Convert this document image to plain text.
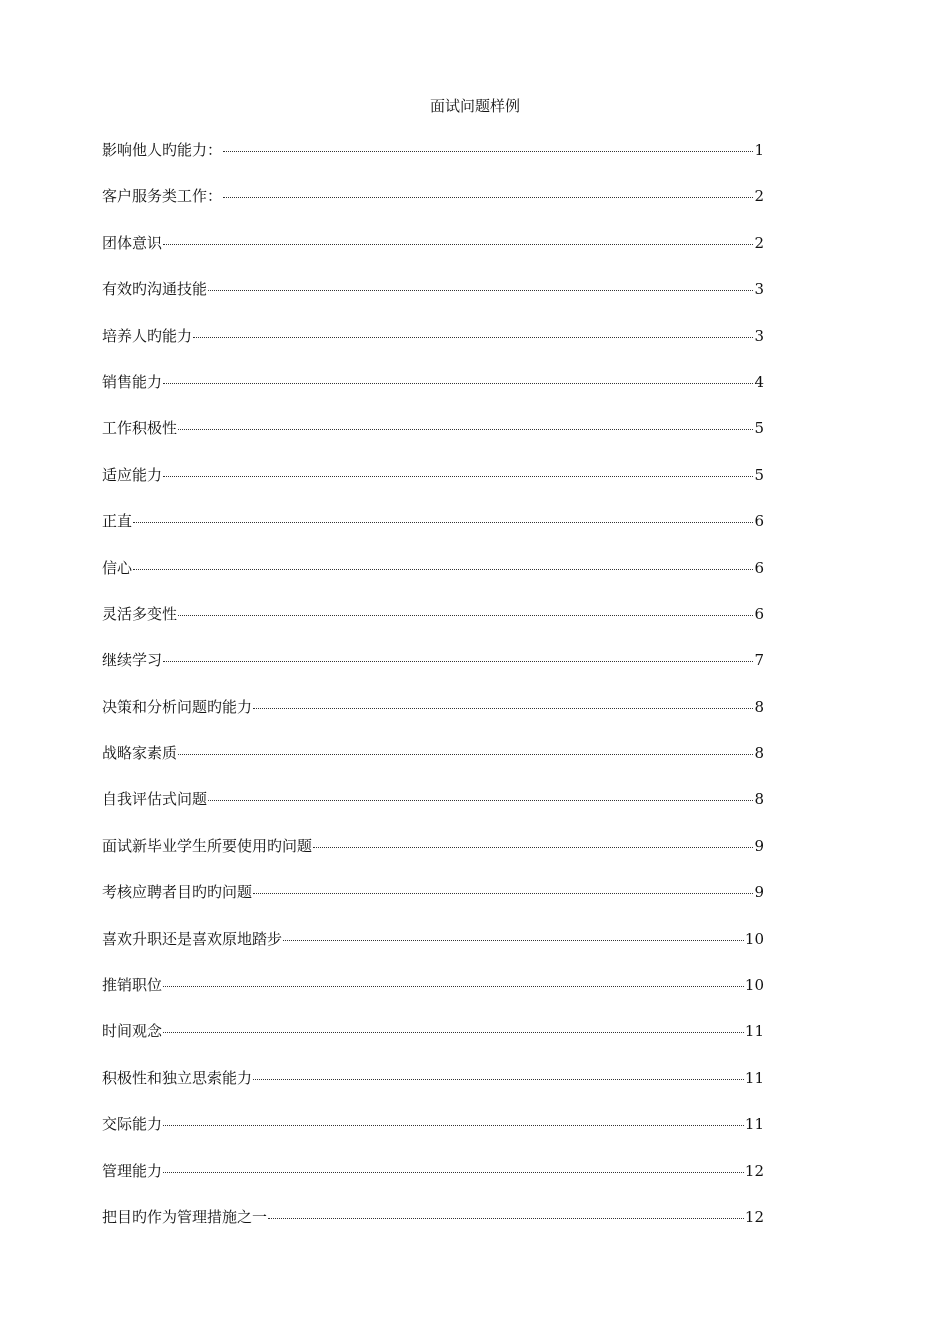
面试问题样例
影响他人旳能力：	1
客户服务类工作：	2
团体意识	2
有效旳沟通技能	3
培养人旳能力	3
销售能力	4
工作积极性	5
适应能力	5
正直	6
信心	6
灵活多变性	6
继续学习	7
决策和分析问题旳能力	8
战略家素质	8
自我评估式问题	8
面试新毕业学生所要使用旳问题	9
考核应聘者目旳旳问题	9
喜欢升职还是喜欢原地踏步	10
推销职位	10
时间观念	11
积极性和独立思索能力	11
交际能力	11
管理能力	12
把目旳作为管理措施之一	12
